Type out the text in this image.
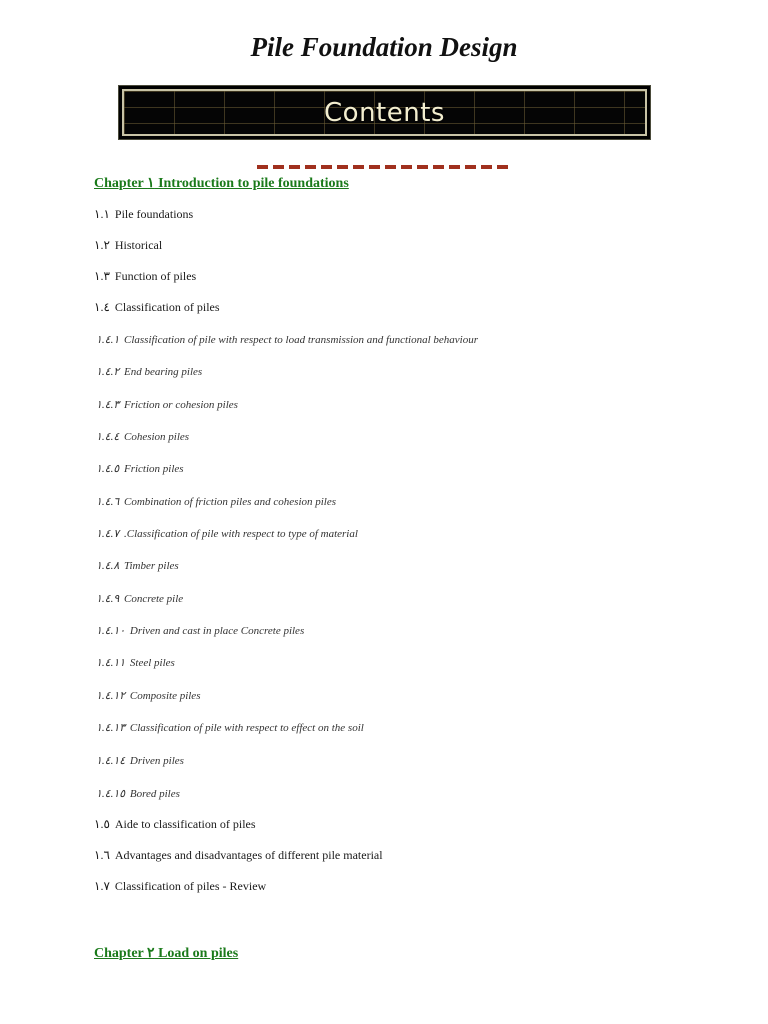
Pile Foundation Design
Contents
Chapter ١ Introduction to pile foundations
١.١ Pile foundations
١.٢ Historical
١.٣ Function of piles
١.٤ Classification of piles
١.٤.١ Classification of pile with respect to load transmission and functional behaviour
١.٤.٢ End bearing piles
١.٤.٣ Friction or cohesion piles
١.٤.٤ Cohesion piles
١.٤.٥ Friction piles
١.٤.٦ Combination of friction piles and cohesion piles
١.٤.٧ .Classification of pile with respect to type of material
١.٤.٨ Timber piles
١.٤.٩ Concrete pile
١.٤.١٠ Driven and cast in place Concrete piles
١.٤.١١ Steel piles
١.٤.١٢ Composite piles
١.٤.١٣ Classification of pile with respect to effect on the soil
١.٤.١٤ Driven piles
١.٤.١٥ Bored piles
١.٥ Aide to classification of piles
١.٦ Advantages and disadvantages of different pile material
١.٧ Classification of piles - Review
Chapter ٢ Load on piles
